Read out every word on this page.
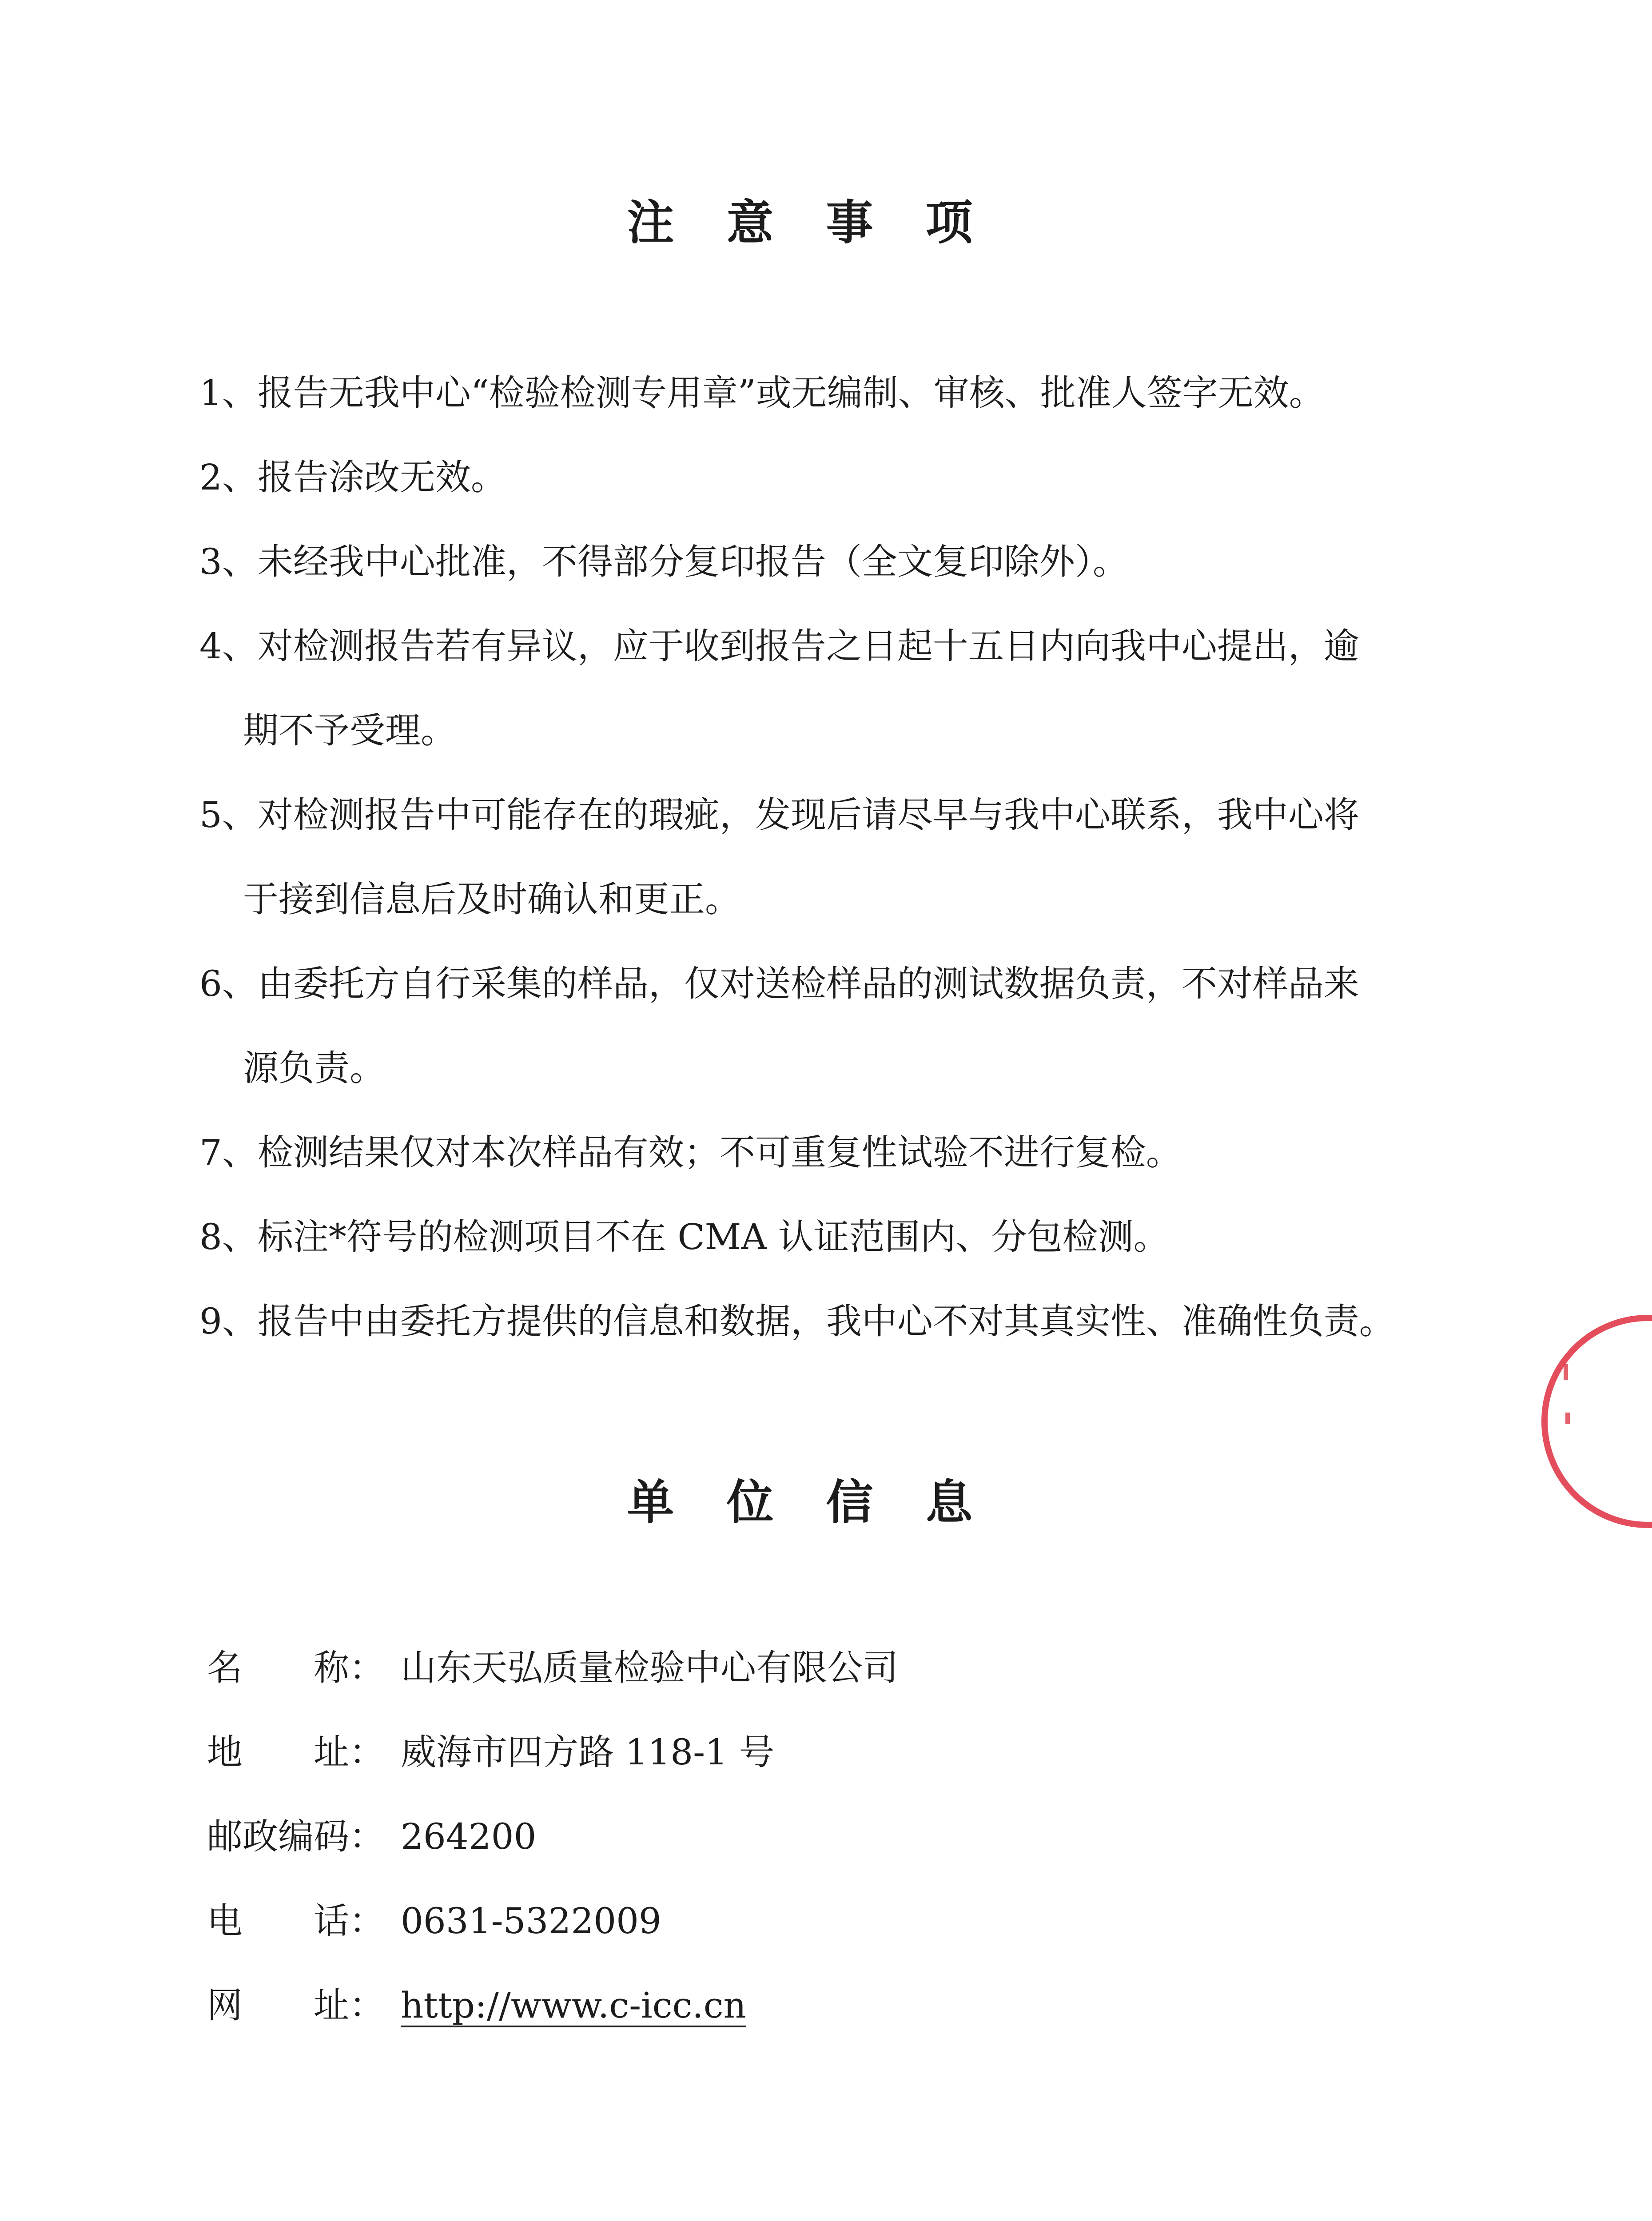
注意事项
1、报告无我中心“检验检测专用章”或无编制、审核、批准人签字无效。
2、报告涂改无效。
3、未经我中心批准，不得部分复印报告（全文复印除外）。
4、对检测报告若有异议，应于收到报告之日起十五日内向我中心提出，逾
期不予受理。
5、对检测报告中可能存在的瑕疵，发现后请尽早与我中心联系，我中心将
于接到信息后及时确认和更正。
6、由委托方自行采集的样品，仅对送检样品的测试数据负责，不对样品来
源负责。
7、检测结果仅对本次样品有效；不可重复性试验不进行复检。
8、标注*符号的检测项目不在 CMA 认证范围内、分包检测。
9、报告中由委托方提供的信息和数据，我中心不对其真实性、准确性负责。
单位信息
名　　称： 山东天弘质量检验中心有限公司
地　　址： 威海市四方路 118-1 号
邮政编码： 264200
电　　话： 0631-5322009
网　　址： http://www.c-icc.cn
